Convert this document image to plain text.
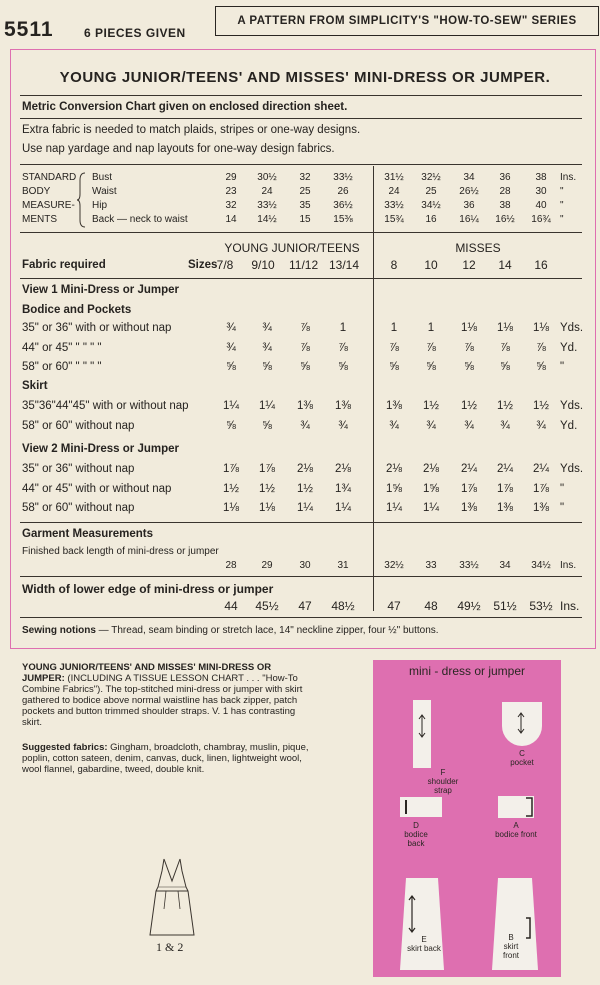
5511	6 PIECES GIVEN
A PATTERN FROM SIMPLICITY'S "HOW-TO-SEW" SERIES
YOUNG JUNIOR/TEENS' AND MISSES' MINI-DRESS OR JUMPER.
Metric Conversion Chart given on enclosed direction sheet.
Extra fabric is needed to match plaids, stripes or one-way designs.
Use nap yardage and nap layouts for one-way design fabrics.
STANDARD
BODY
MEASURE-
MENTS
Bust	29	30½	32	33½	31½	32½	34	36	38	Ins.
Waist	23	24	25	26	24	25	26½	28	30	"
Hip	32	33½	35	36½	33½	34½	36	38	40	"
Back — neck to waist	14	14½	15	15⅜	15¾	16	16¼	16½	16¾ "
YOUNG JUNIOR/TEENS	MISSES
Fabric required	Sizes 7/8	9/10 11/12 13/14	8	10	12	14	16
View 1 Mini-Dress or Jumper
Bodice and Pockets
35" or 36" with or without nap	¾	¾	⅞	1	1	1	1⅛	1⅛	1⅛ Yds.
44" or 45" " " " "	¾	¾	⅞	⅞	⅞	⅞	⅞	⅞	⅞	Yd.
58" or 60" " " " "	⅝	⅝	⅝	⅝	⅝	⅝	⅝	⅝	⅝	"
Skirt
35"36"44"45" with or without nap	1¼	1¼	1⅜	1⅜	1⅜	1½	1½	1½	1½ Yds.
58" or 60" without nap	⅝	⅝	¾	¾	¾	¾	¾	¾	¾	Yd.
View 2 Mini-Dress or Jumper
35" or 36" without nap	1⅞	1⅞	2⅛	2⅛	2⅛	2⅛	2¼	2¼	2¼ Yds.
44" or 45" with or without nap	1½	1½	1½	1¾	1⅝	1⅝	1⅞	1⅞	1⅞ "
58" or 60" without nap	1⅛	1⅛	1¼	1¼	1¼	1¼	1⅜	1⅜	1⅜ "
Garment Measurements
Finished back length of mini-dress or jumper
28	29	30	31	32½	33	33½	34	34½ Ins.
Width of lower edge of mini-dress or jumper
44	45½	47	48½	47	48	49½ 51½ 53½ Ins.
Sewing notions — Thread, seam binding or stretch lace, 14" neckline zipper, four ½" buttons.
YOUNG JUNIOR/TEENS' AND MISSES' MINI-DRESS OR JUMPER: (INCLUDING A TISSUE LESSON CHART . . . "How-To Combine Fabrics"). The top-stitched mini-dress or jumper with skirt gathered to bodice above normal waistline has back zipper, patch pockets and button trimmed shoulder straps. V. 1 has contrasting skirt.
Suggested fabrics: Gingham, broadcloth, chambray, muslin, pique, poplin, cotton sateen, denim, canvas, duck, linen, lightweight wool, wool flannel, gabardine, tweed, double knit.
1 & 2
mini - dress or jumper
F
shoulder strap
C
pocket
D
bodice back
A
bodice front
E
skirt back
B
skirt front
